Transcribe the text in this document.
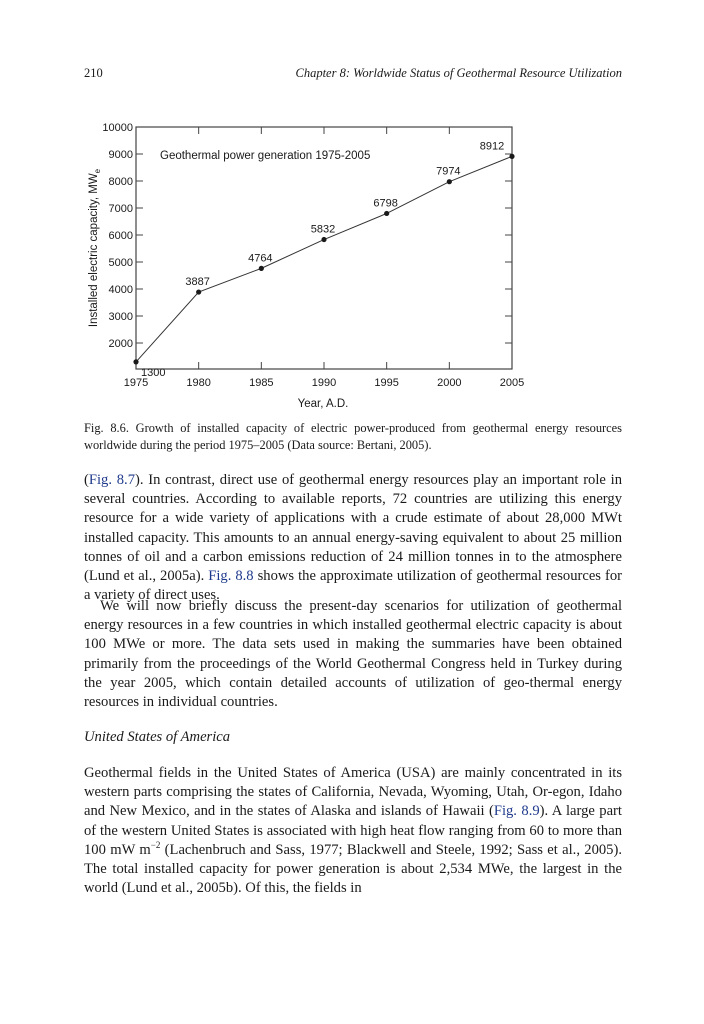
210	Chapter 8: Worldwide Status of Geothermal Resource Utilization
2000
3000
4000
5000
6000
7000
8000
9000
10000
1975	1980	1985	1990	1995	2000	2005
Geothermal power generation 1975-2005
1300
3887
4764
5832
6798
7974
8912
Year, A.D.
Installed electric capacity, $MW_e$
Fig. 8.6. Growth of installed capacity of electric power-produced from geothermal energy resources worldwide during the period 1975–2005 (Data source: Bertani, 2005).
(Fig. 8.7). In contrast, direct use of geothermal energy resources play an important role in several countries. According to available reports, 72 countries are utilizing this energy resource for a wide variety of applications with a crude estimate of about 28,000 MWt installed capacity. This amounts to an annual energy-saving equivalent to about 25 million tonnes of oil and a carbon emissions reduction of 24 million tonnes in to the atmosphere (Lund et al., 2005a). Fig. 8.8 shows the approximate utilization of geothermal resources for a variety of direct uses.
We will now briefly discuss the present-day scenarios for utilization of geothermal energy resources in a few countries in which installed geothermal electric capacity is about 100 MWe or more. The data sets used in making the summaries have been obtained primarily from the proceedings of the World Geothermal Congress held in Turkey during the year 2005, which contain detailed accounts of utilization of geo-thermal energy resources in individual countries.
United States of America
Geothermal fields in the United States of America (USA) are mainly concentrated in its western parts comprising the states of California, Nevada, Wyoming, Utah, Or-egon, Idaho and New Mexico, and in the states of Alaska and islands of Hawaii (Fig. 8.9). A large part of the western United States is associated with high heat flow ranging from 60 to more than 100 mW $m^{-2}$ (Lachenbruch and Sass, 1977; Blackwell and Steele, 1992; Sass et al., 2005). The total installed capacity for power generation is about 2,534 MWe, the largest in the world (Lund et al., 2005b). Of this, the fields in
